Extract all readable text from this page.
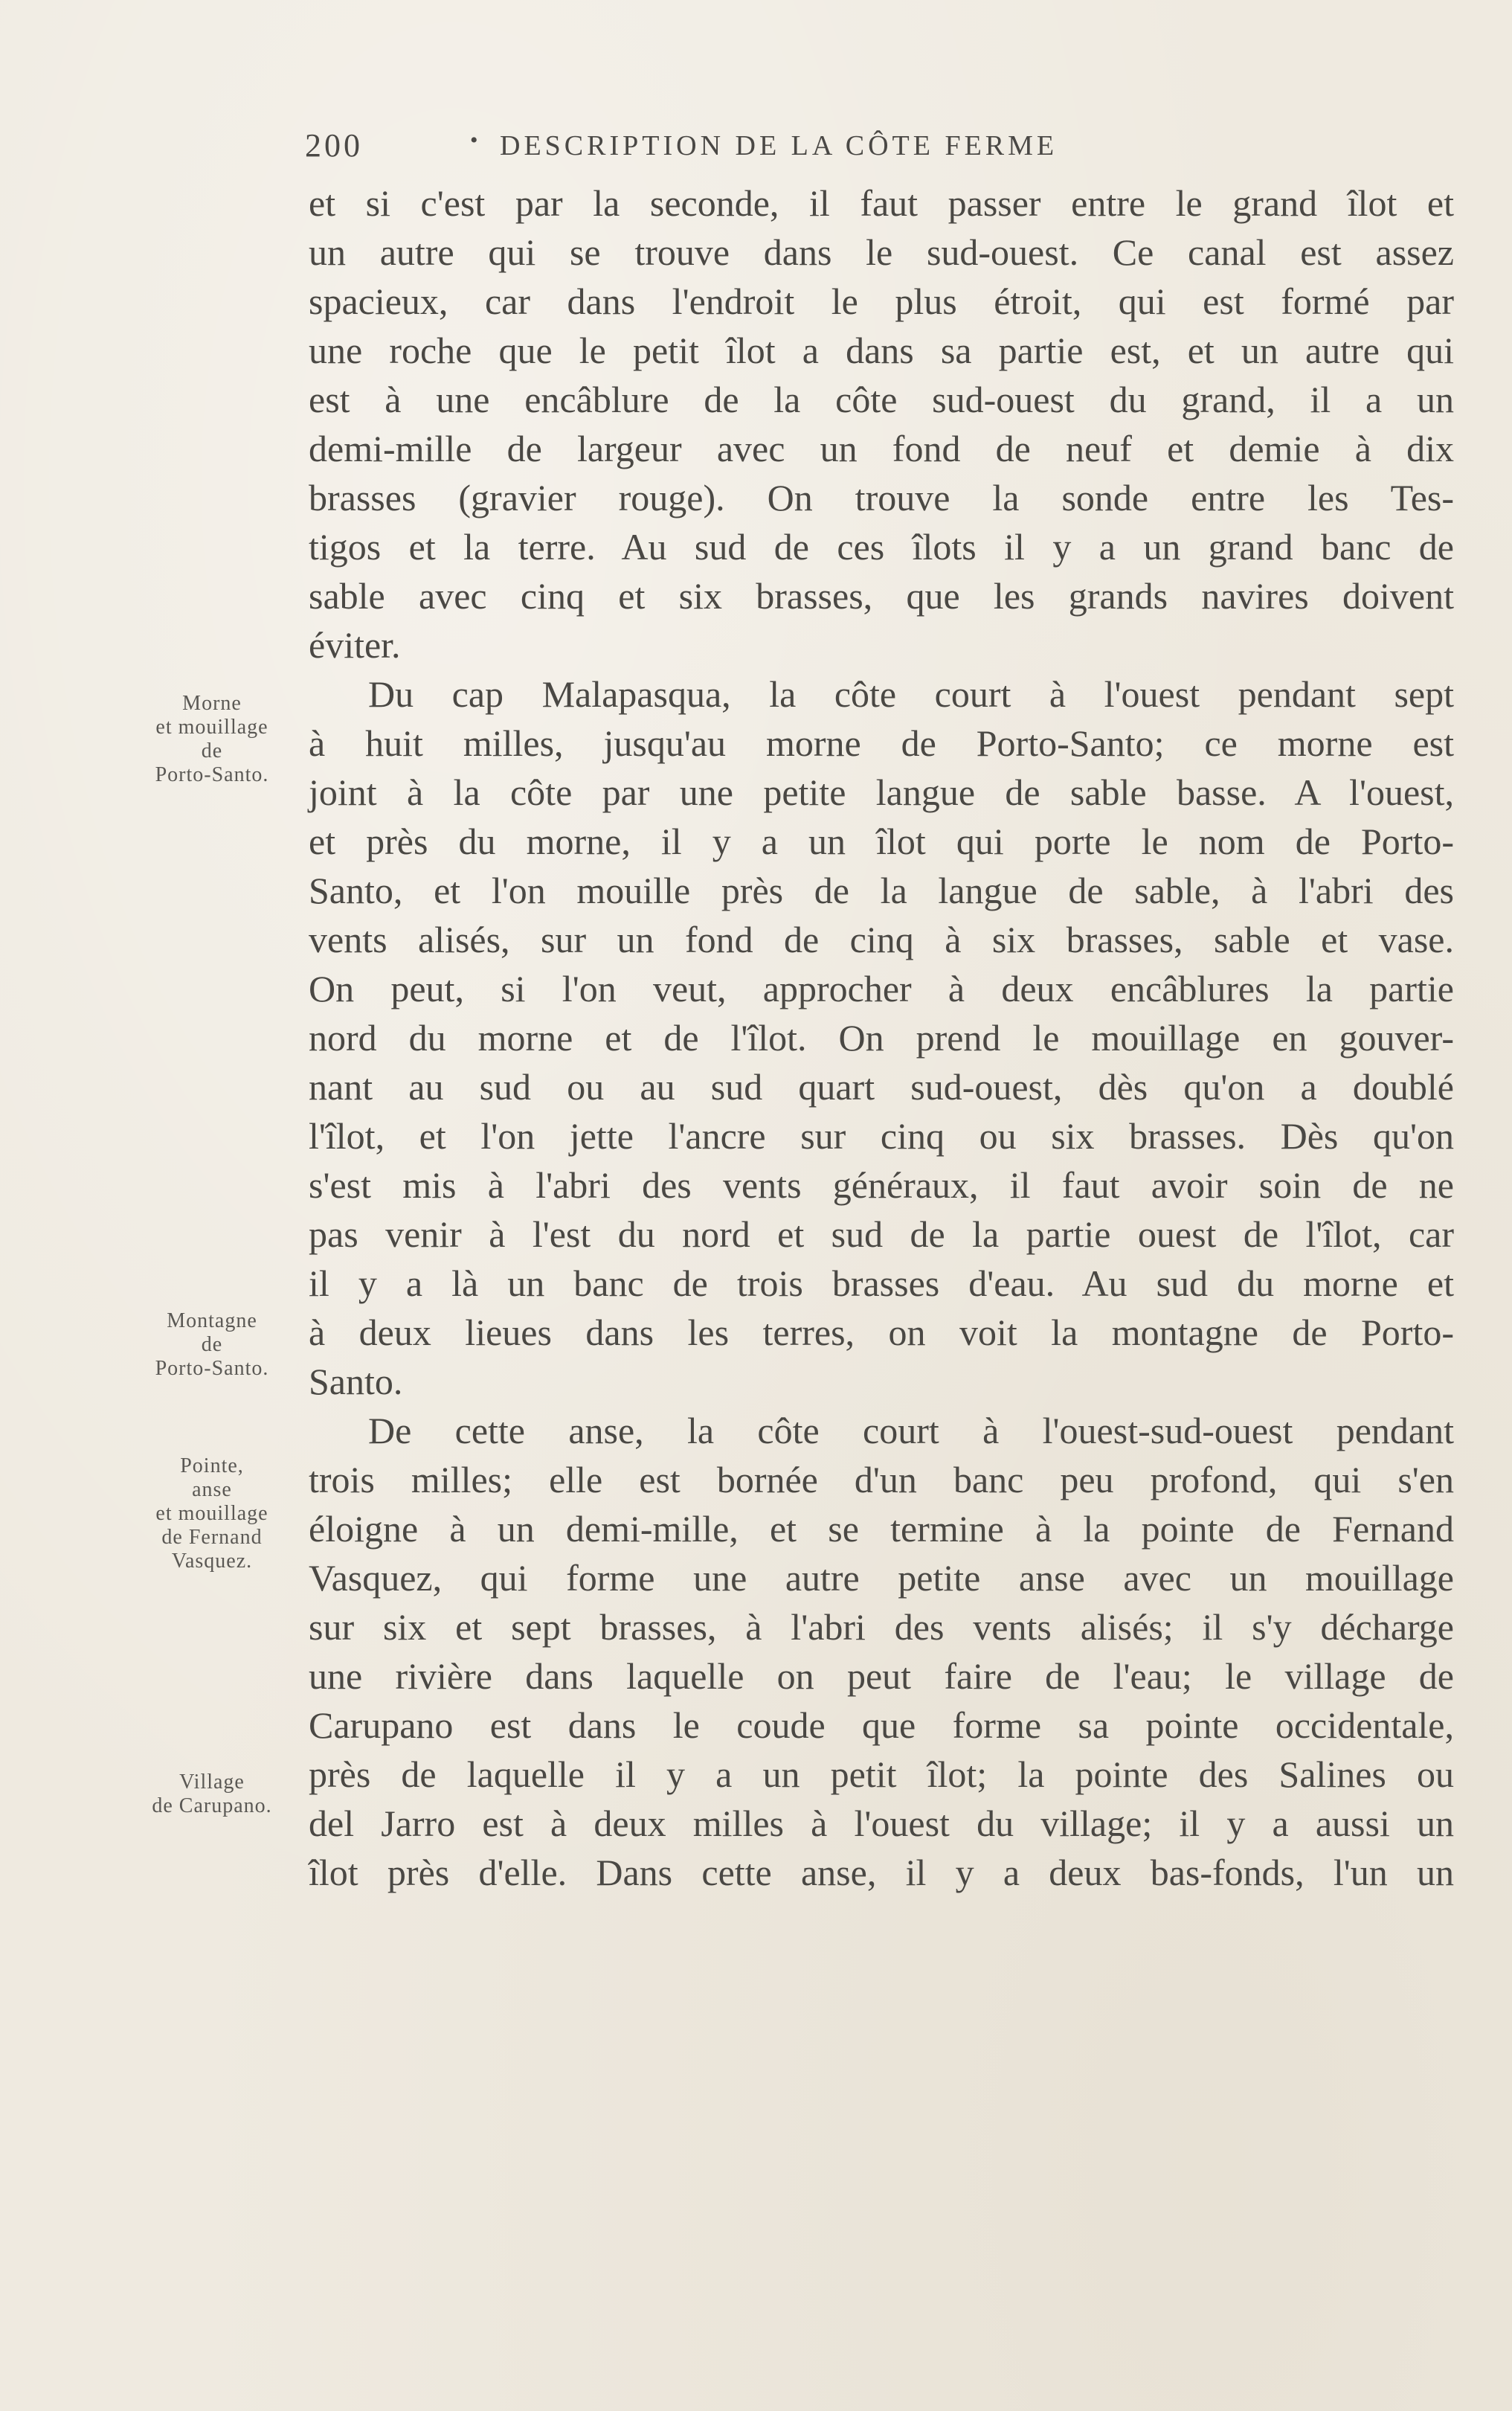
200	• DESCRIPTION DE LA CÔTE FERME
et si c'est par la seconde, il faut passer entre le grand îlot et
un autre qui se trouve dans le sud-ouest. Ce canal est assez
spacieux, car dans l'endroit le plus étroit, qui est formé par
une roche que le petit îlot a dans sa partie est, et un autre qui
est à une encâblure de la côte sud-ouest du grand, il a un
demi-mille de largeur avec un fond de neuf et demie à dix
brasses (gravier rouge). On trouve la sonde entre les Tes-
tigos et la terre. Au sud de ces îlots il y a un grand banc de
sable avec cinq et six brasses, que les grands navires doivent
éviter.
Du cap Malapasqua, la côte court à l'ouest pendant sept
à huit milles, jusqu'au morne de Porto-Santo; ce morne est
joint à la côte par une petite langue de sable basse. A l'ouest,
et près du morne, il y a un îlot qui porte le nom de Porto-
Santo, et l'on mouille près de la langue de sable, à l'abri des
vents alisés, sur un fond de cinq à six brasses, sable et vase.
On peut, si l'on veut, approcher à deux encâblures la partie
nord du morne et de l'îlot. On prend le mouillage en gouver-
nant au sud ou au sud quart sud-ouest, dès qu'on a doublé
l'îlot, et l'on jette l'ancre sur cinq ou six brasses. Dès qu'on
s'est mis à l'abri des vents généraux, il faut avoir soin de ne
pas venir à l'est du nord et sud de la partie ouest de l'îlot, car
il y a là un banc de trois brasses d'eau. Au sud du morne et
à deux lieues dans les terres, on voit la montagne de Porto-
Santo.
De cette anse, la côte court à l'ouest-sud-ouest pendant
trois milles; elle est bornée d'un banc peu profond, qui s'en
éloigne à un demi-mille, et se termine à la pointe de Fernand
Vasquez, qui forme une autre petite anse avec un mouillage
sur six et sept brasses, à l'abri des vents alisés; il s'y décharge
une rivière dans laquelle on peut faire de l'eau; le village de
Carupano est dans le coude que forme sa pointe occidentale,
près de laquelle il y a un petit îlot; la pointe des Salines ou
del Jarro est à deux milles à l'ouest du village; il y a aussi un
îlot près d'elle. Dans cette anse, il y a deux bas-fonds, l'un un
Morne
et mouillage
de
Porto-Santo.
Montagne
de
Porto-Santo.
Pointe,
anse
et mouillage
de Fernand
Vasquez.
Village
de Carupano.
